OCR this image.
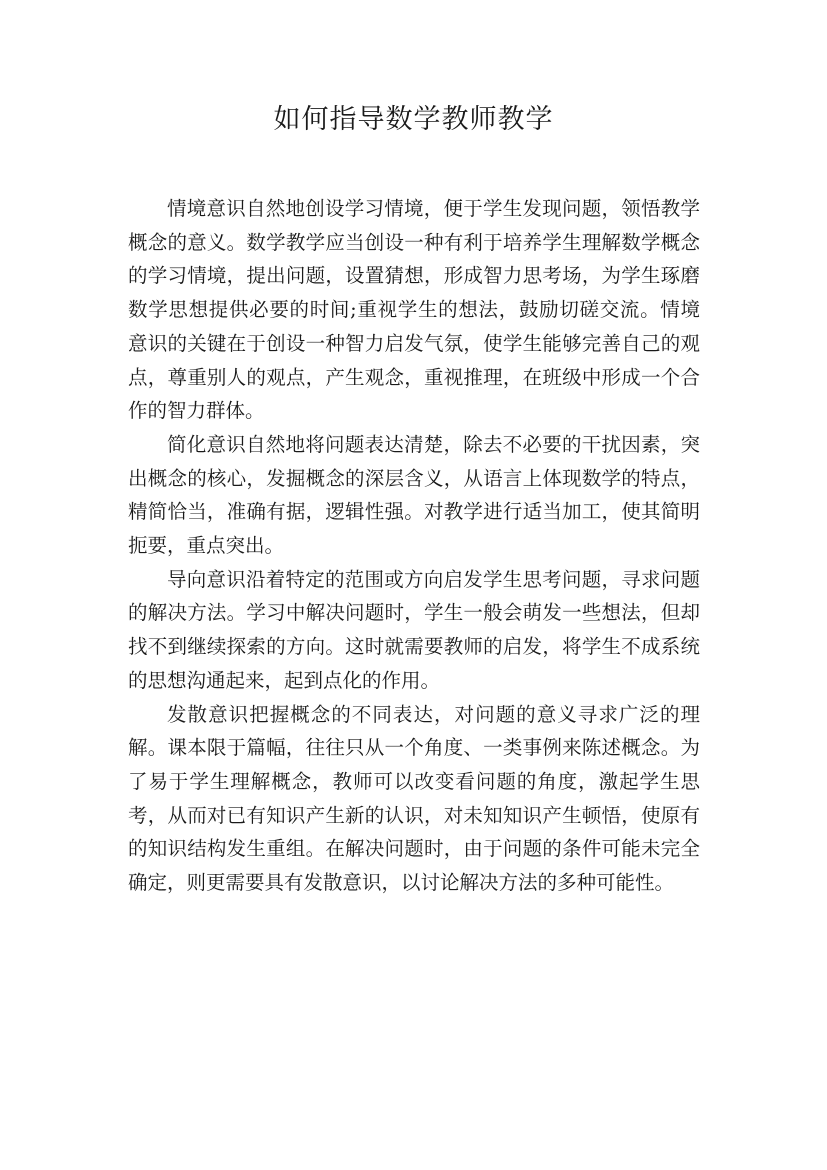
如何指导数学教师教学

情境意识自然地创设学习情境，便于学生发现问题，领悟教学概念的意义。数学教学应当创设一种有利于培养学生理解数学概念的学习情境，提出问题，设置猜想，形成智力思考场，为学生琢磨数学思想提供必要的时间;重视学生的想法，鼓励切磋交流。情境意识的关键在于创设一种智力启发气氛，使学生能够完善自己的观点，尊重别人的观点，产生观念，重视推理，在班级中形成一个合作的智力群体。

简化意识自然地将问题表达清楚，除去不必要的干扰因素，突出概念的核心，发掘概念的深层含义，从语言上体现数学的特点，精简恰当，准确有据，逻辑性强。对教学进行适当加工，使其简明扼要，重点突出。

导向意识沿着特定的范围或方向启发学生思考问题，寻求问题的解决方法。学习中解决问题时，学生一般会萌发一些想法，但却找不到继续探索的方向。这时就需要教师的启发，将学生不成系统的思想沟通起来，起到点化的作用。

发散意识把握概念的不同表达，对问题的意义寻求广泛的理解。课本限于篇幅，往往只从一个角度、一类事例来陈述概念。为了易于学生理解概念，教师可以改变看问题的角度，激起学生思考，从而对已有知识产生新的认识，对未知知识产生顿悟，使原有的知识结构发生重组。在解决问题时，由于问题的条件可能未完全确定，则更需要具有发散意识，以讨论解决方法的多种可能性。
